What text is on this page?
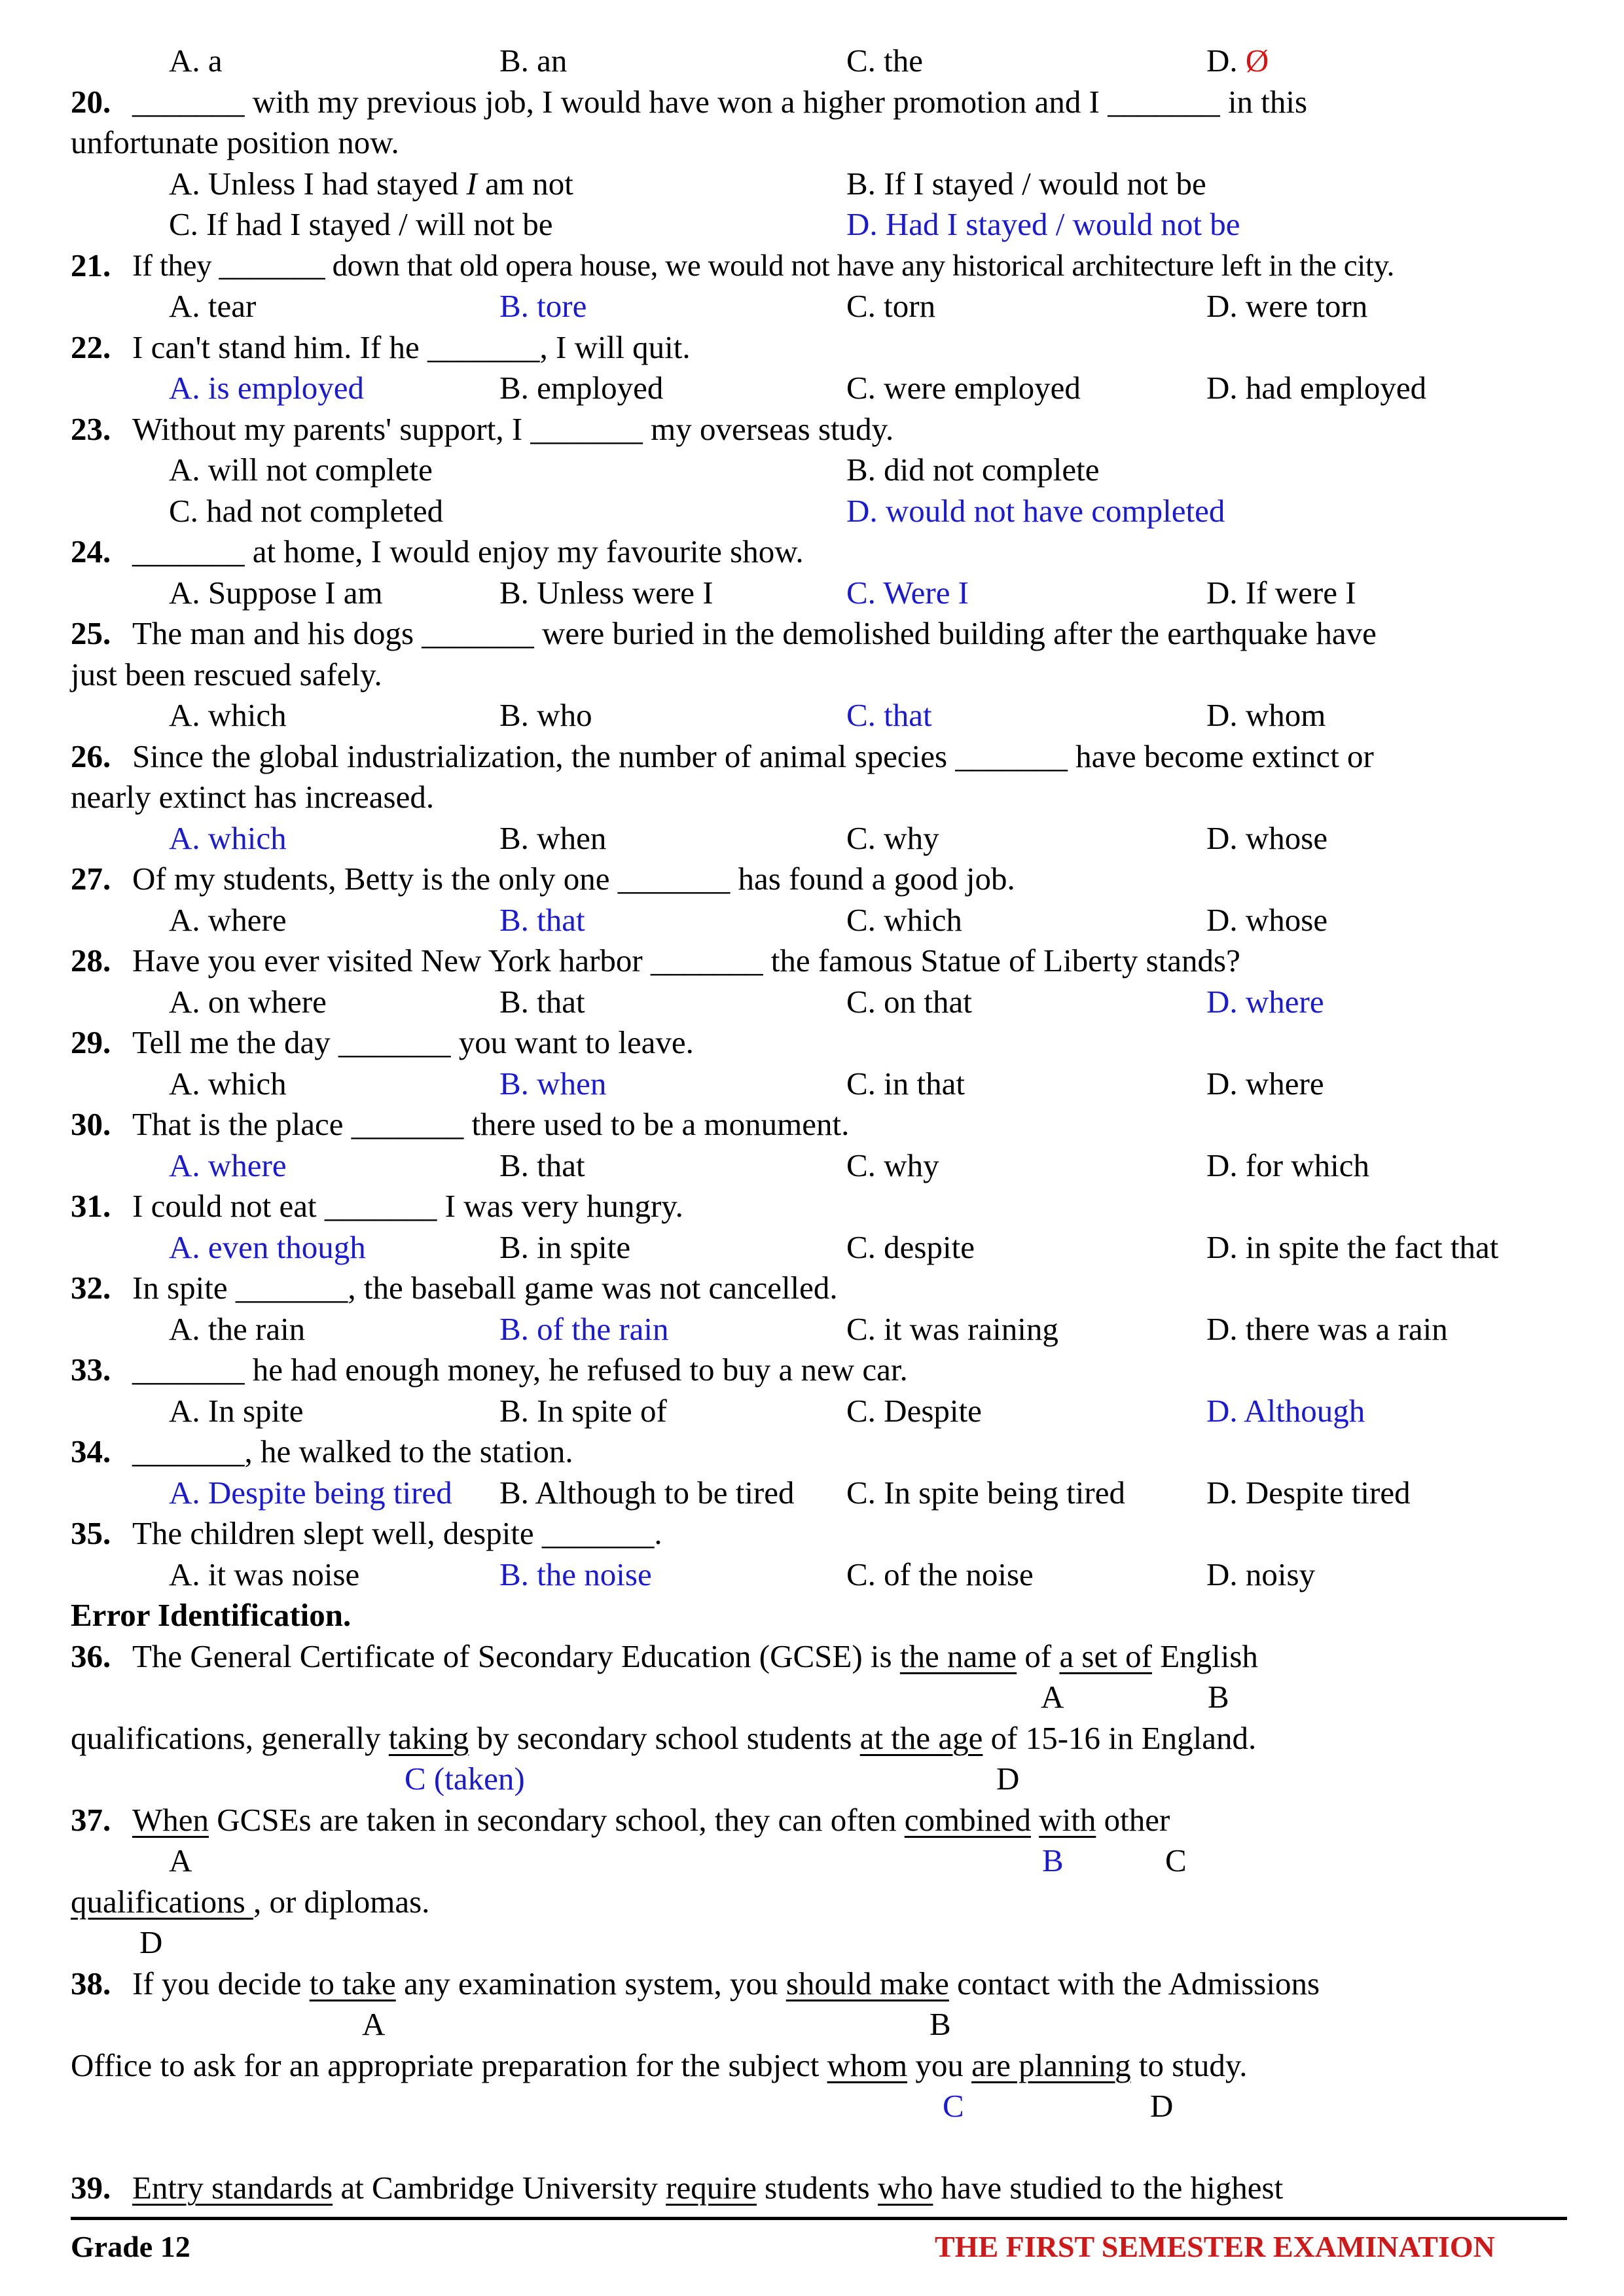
A. a	B. an	C. the	D. Ø
20. _______ with my previous job, I would have won a higher promotion and I _______ in this
unfortunate position now.
A. Unless I had stayed I am not	B. If I stayed / would not be
C. If had I stayed / will not be	D. Had I stayed / would not be
21. If they _______ down that old opera house, we would not have any historical architecture left in the city.
A. tear	B. tore	C. torn	D. were torn
22. I can't stand him. If he _______, I will quit.
A. is employed	B. employed	C. were employed	D. had employed
23. Without my parents' support, I _______ my overseas study.
A. will not complete	B. did not complete
C. had not completed	D. would not have completed
24. _______ at home, I would enjoy my favourite show.
A. Suppose I am	B. Unless were I	C. Were I	D. If were I
25. The man and his dogs _______ were buried in the demolished building after the earthquake have
just been rescued safely.
A. which	B. who	C. that	D. whom
26. Since the global industrialization, the number of animal species _______ have become extinct or
nearly extinct has increased.
A. which	B. when	C. why	D. whose
27. Of my students, Betty is the only one _______ has found a good job.
A. where	B. that	C. which	D. whose
28. Have you ever visited New York harbor _______ the famous Statue of Liberty stands?
A. on where	B. that	C. on that	D. where
29. Tell me the day _______ you want to leave.
A. which	B. when	C. in that	D. where
30. That is the place _______ there used to be a monument.
A. where	B. that	C. why	D. for which
31. I could not eat _______ I was very hungry.
A. even though	B. in spite	C. despite	D. in spite the fact that
32. In spite _______, the baseball game was not cancelled.
A. the rain	B. of the rain	C. it was raining	D. there was a rain
33. _______ he had enough money, he refused to buy a new car.
A. In spite	B. In spite of	C. Despite	D. Although
34. _______, he walked to the station.
A. Despite being tired B. Although to be tired C. In spite being tired	D. Despite tired
35. The children slept well, despite _______.
A. it was noise	B. the noise	C. of the noise	D. noisy
Error Identification.
36. The General Certificate of Secondary Education (GCSE) is the name of a set of English
A	B
qualifications, generally taking by secondary school students at the age of 15-16 in England.
C (taken)	D
37. When GCSEs are taken in secondary school, they can often combined with other
A	B	C
qualifications , or diplomas.
D
38. If you decide to take any examination system, you should make contact with the Admissions
A	B
Office to ask for an appropriate preparation for the subject whom you are planning to study.
C	D
39. Entry standards at Cambridge University require students who have studied to the highest
Grade 12	THE FIRST SEMESTER EXAMINATION
